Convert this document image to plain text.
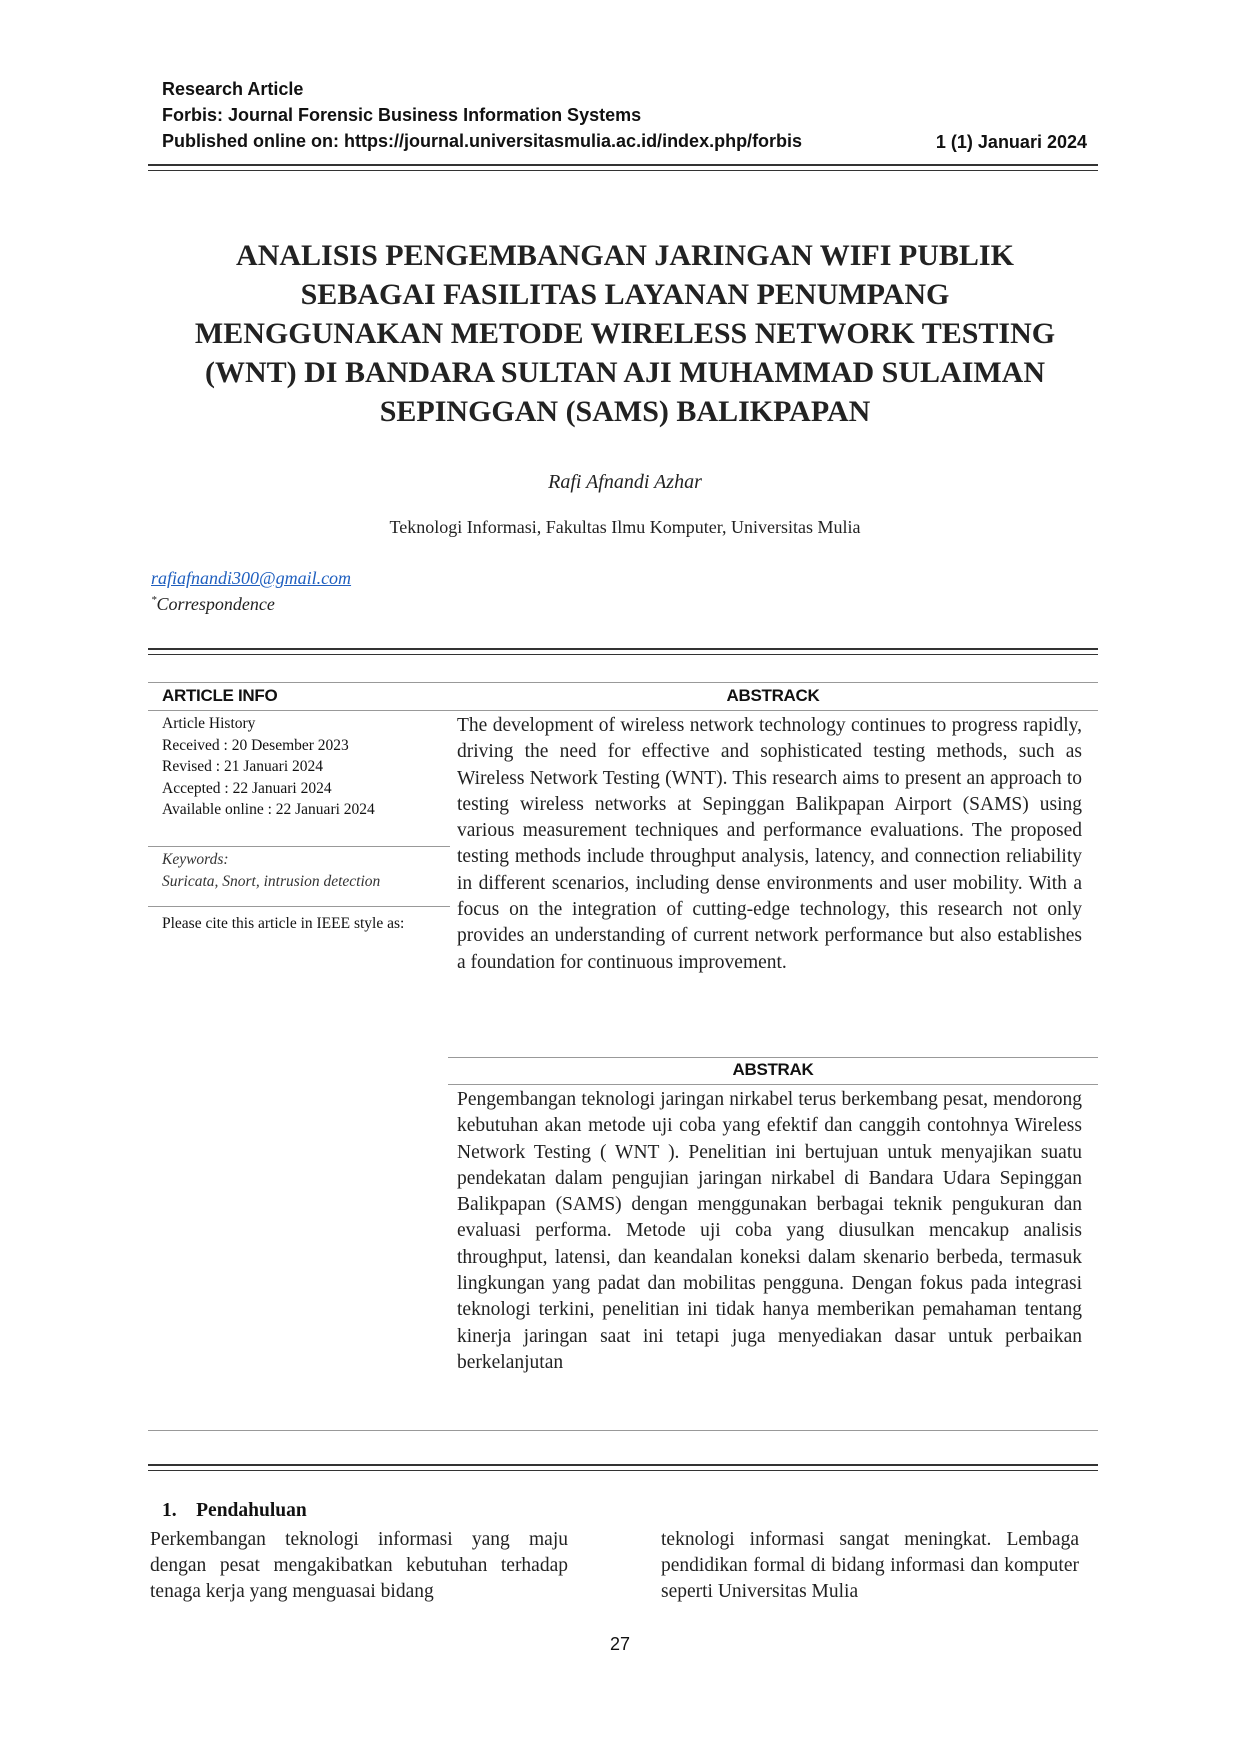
Research Article
Forbis: Journal Forensic Business Information Systems
Published online on: https://journal.universitasmulia.ac.id/index.php/forbis	1 (1) Januari 2024
ANALISIS PENGEMBANGAN JARINGAN WIFI PUBLIK
SEBAGAI FASILITAS LAYANAN PENUMPANG
MENGGUNAKAN METODE WIRELESS NETWORK TESTING
(WNT) DI BANDARA SULTAN AJI MUHAMMAD SULAIMAN
SEPINGGAN (SAMS) BALIKPAPAN
Rafi Afnandi Azhar
Teknologi Informasi, Fakultas Ilmu Komputer, Universitas Mulia
rafiafnandi300@gmail.com
*Correspondence
ARTICLE INFO	ABSTRACK
Article History
Received : 20 Desember 2023
Revised : 21 Januari 2024
Accepted : 22 Januari 2024
Available online : 22 Januari 2024
Keywords:
Suricata, Snort, intrusion detection
Please cite this article in IEEE style as:
The development of wireless network technology continues to progress rapidly, driving the need for effective and sophisticated testing methods, such as Wireless Network Testing (WNT). This research aims to present an approach to testing wireless networks at Sepinggan Balikpapan Airport (SAMS) using various measurement techniques and performance evaluations. The proposed testing methods include throughput analysis, latency, and connection reliability in different scenarios, including dense environments and user mobility. With a focus on the integration of cutting-edge technology, this research not only provides an understanding of current network performance but also establishes a foundation for continuous improvement.
ABSTRAK
Pengembangan teknologi jaringan nirkabel terus berkembang pesat, mendorong kebutuhan akan metode uji coba yang efektif dan canggih contohnya Wireless Network Testing ( WNT ). Penelitian ini bertujuan untuk menyajikan suatu pendekatan dalam pengujian jaringan nirkabel di Bandara Udara Sepinggan Balikpapan (SAMS) dengan menggunakan berbagai teknik pengukuran dan evaluasi performa. Metode uji coba yang diusulkan mencakup analisis throughput, latensi, dan keandalan koneksi dalam skenario berbeda, termasuk lingkungan yang padat dan mobilitas pengguna. Dengan fokus pada integrasi teknologi terkini, penelitian ini tidak hanya memberikan pemahaman tentang kinerja jaringan saat ini tetapi juga menyediakan dasar untuk perbaikan berkelanjutan
1. Pendahuluan
Perkembangan teknologi informasi yang maju dengan pesat mengakibatkan kebutuhan terhadap tenaga kerja yang menguasai bidang
teknologi informasi sangat meningkat. Lembaga pendidikan formal di bidang informasi dan komputer seperti Universitas Mulia
27
